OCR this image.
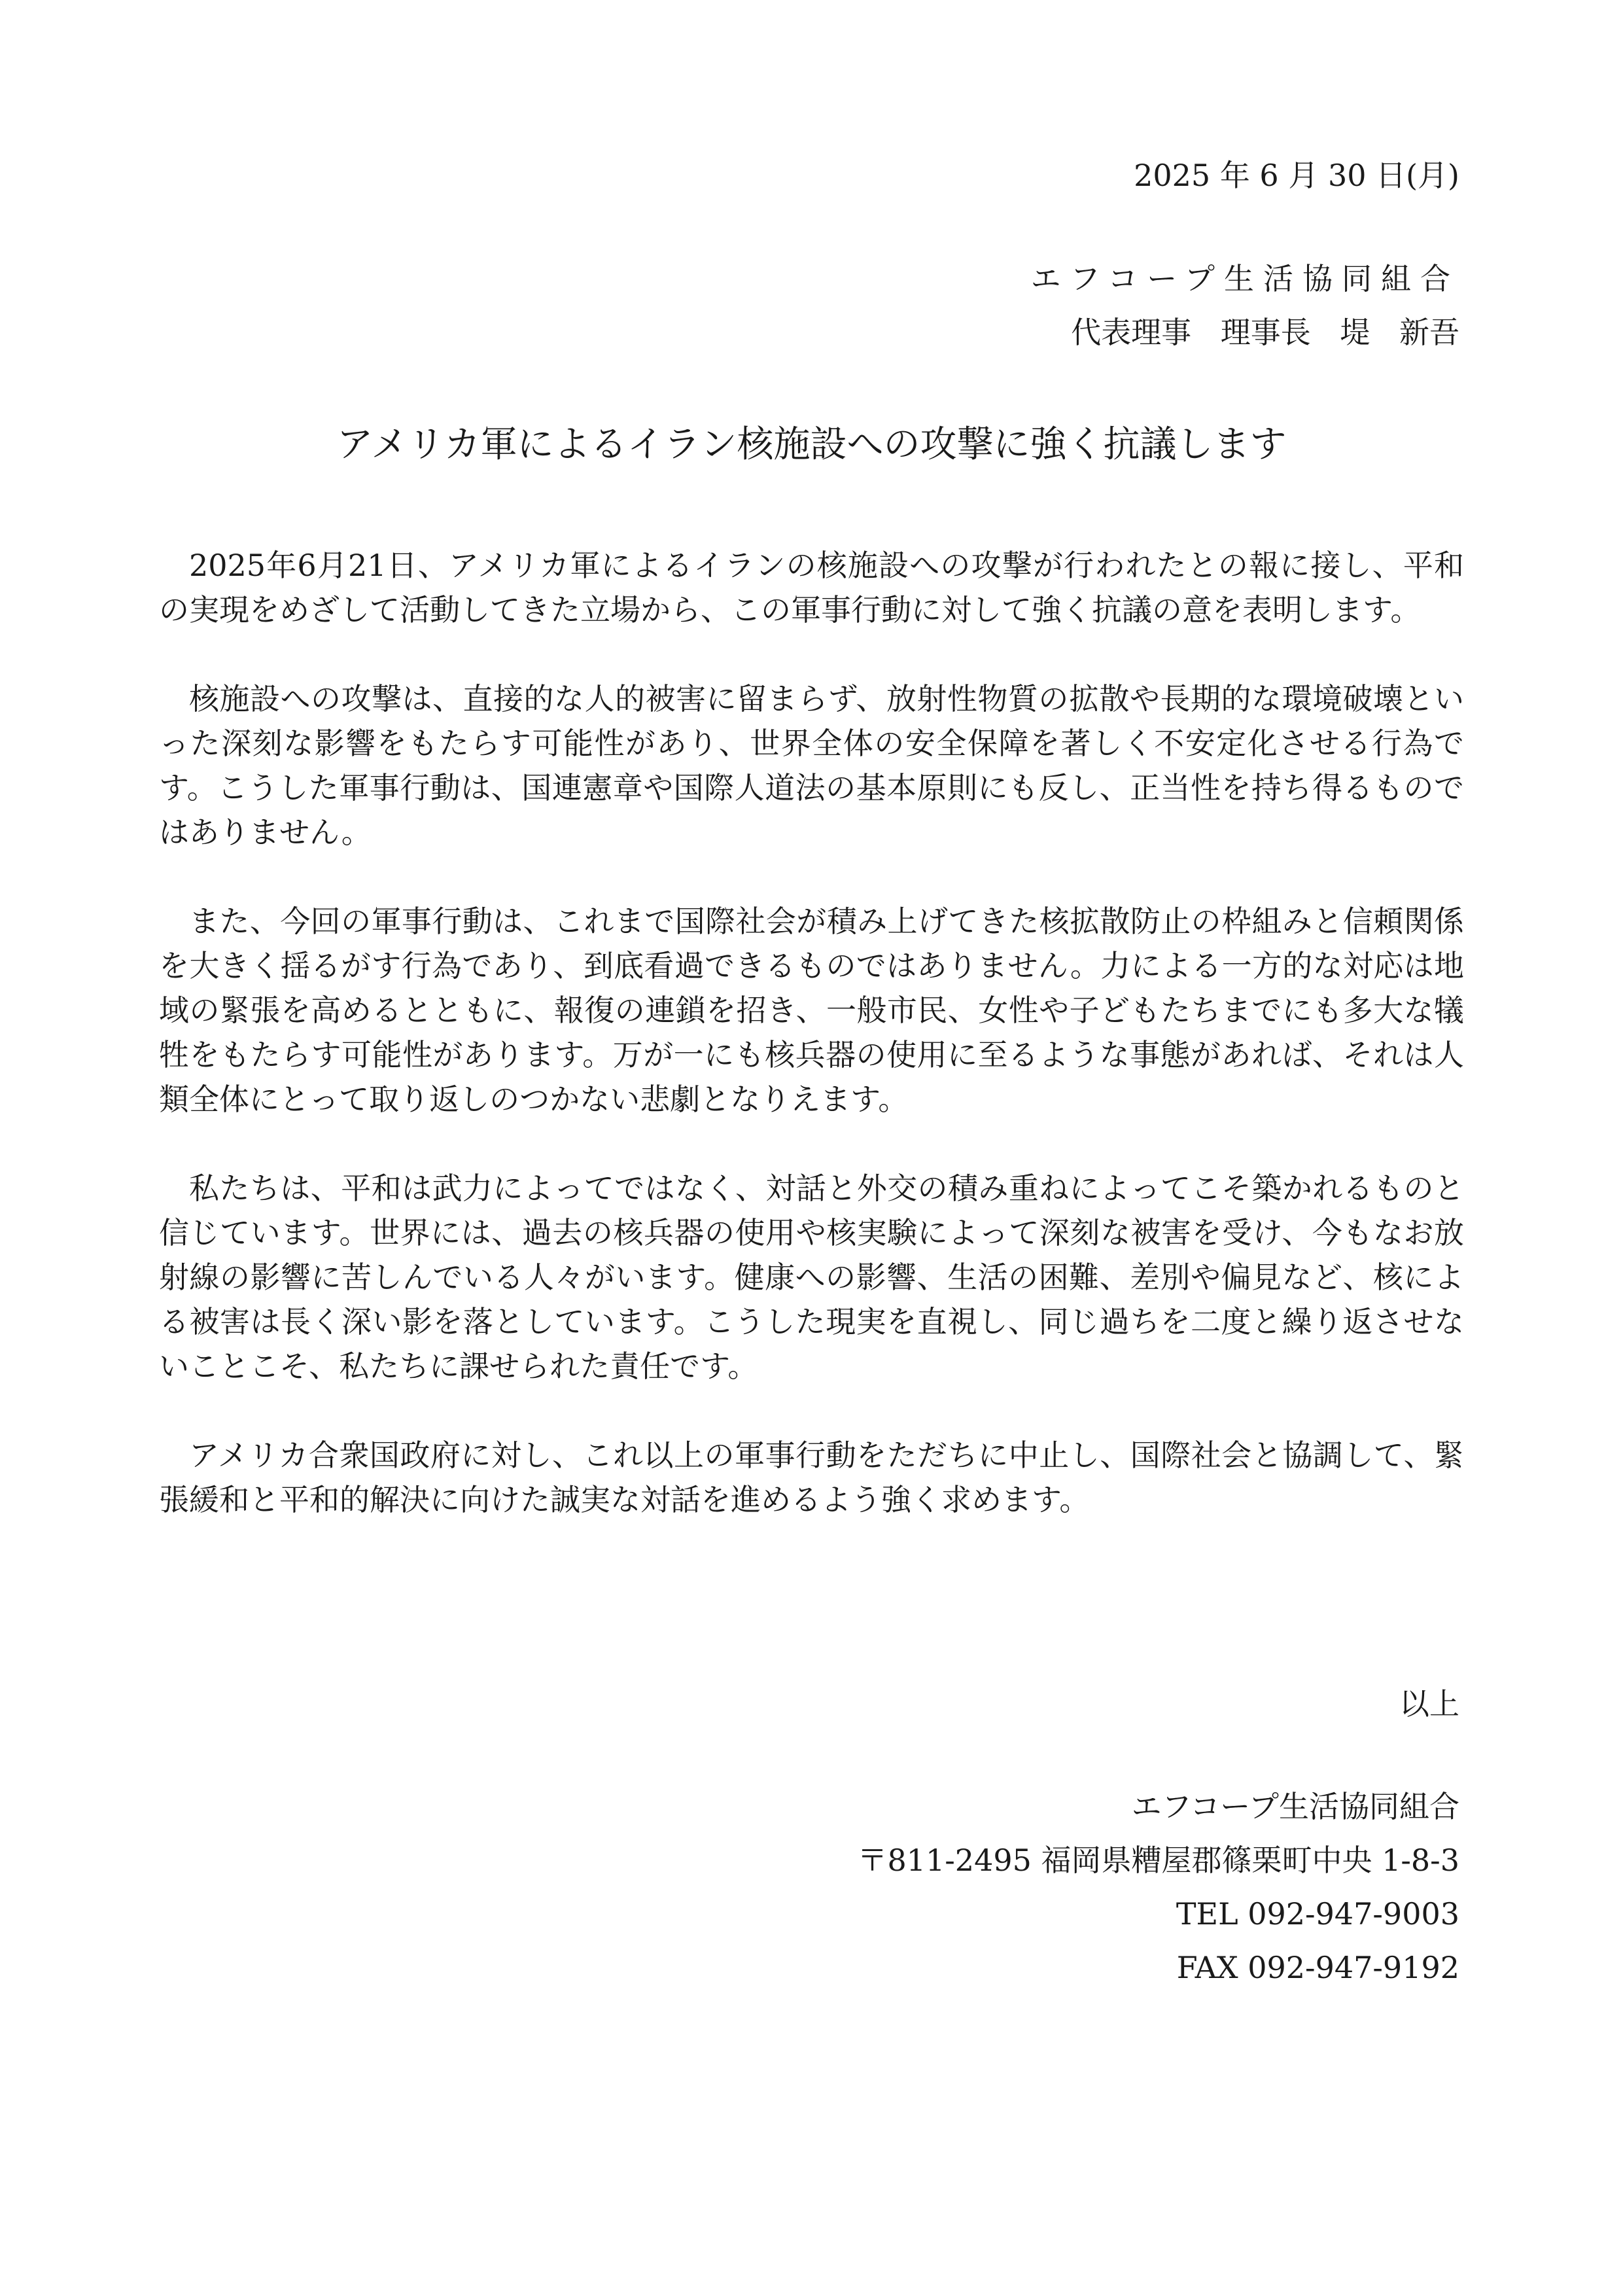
2025 年 6 月 30 日(月)
エフコープ生活協同組合
代表理事 理事長 堤 新吾
アメリカ軍によるイラン核施設への攻撃に強く抗議します

2025年6月21日、アメリカ軍によるイランの核施設への攻撃が行われたとの報に接し、平和の実現をめざして活動してきた立場から、この軍事行動に対して強く抗議の意を表明します。

核施設への攻撃は、直接的な人的被害に留まらず、放射性物質の拡散や長期的な環境破壊といった深刻な影響をもたらす可能性があり、世界全体の安全保障を著しく不安定化させる行為です。こうした軍事行動は、国連憲章や国際人道法の基本原則にも反し、正当性を持ち得るものではありません。

また、今回の軍事行動は、これまで国際社会が積み上げてきた核拡散防止の枠組みと信頼関係を大きく揺るがす行為であり、到底看過できるものではありません。力による一方的な対応は地域の緊張を高めるとともに、報復の連鎖を招き、一般市民、女性や子どもたちまでにも多大な犠牲をもたらす可能性があります。万が一にも核兵器の使用に至るような事態があれば、それは人類全体にとって取り返しのつかない悲劇となりえます。

私たちは、平和は武力によってではなく、対話と外交の積み重ねによってこそ築かれるものと信じています。世界には、過去の核兵器の使用や核実験によって深刻な被害を受け、今もなお放射線の影響に苦しんでいる人々がいます。健康への影響、生活の困難、差別や偏見など、核による被害は長く深い影を落としています。こうした現実を直視し、同じ過ちを二度と繰り返させないことこそ、私たちに課せられた責任です。

アメリカ合衆国政府に対し、これ以上の軍事行動をただちに中止し、国際社会と協調して、緊張緩和と平和的解決に向けた誠実な対話を進めるよう強く求めます。

以上
エフコープ生活協同組合
〒811-2495 福岡県糟屋郡篠栗町中央 1-8-3
TEL 092-947-9003
FAX 092-947-9192
